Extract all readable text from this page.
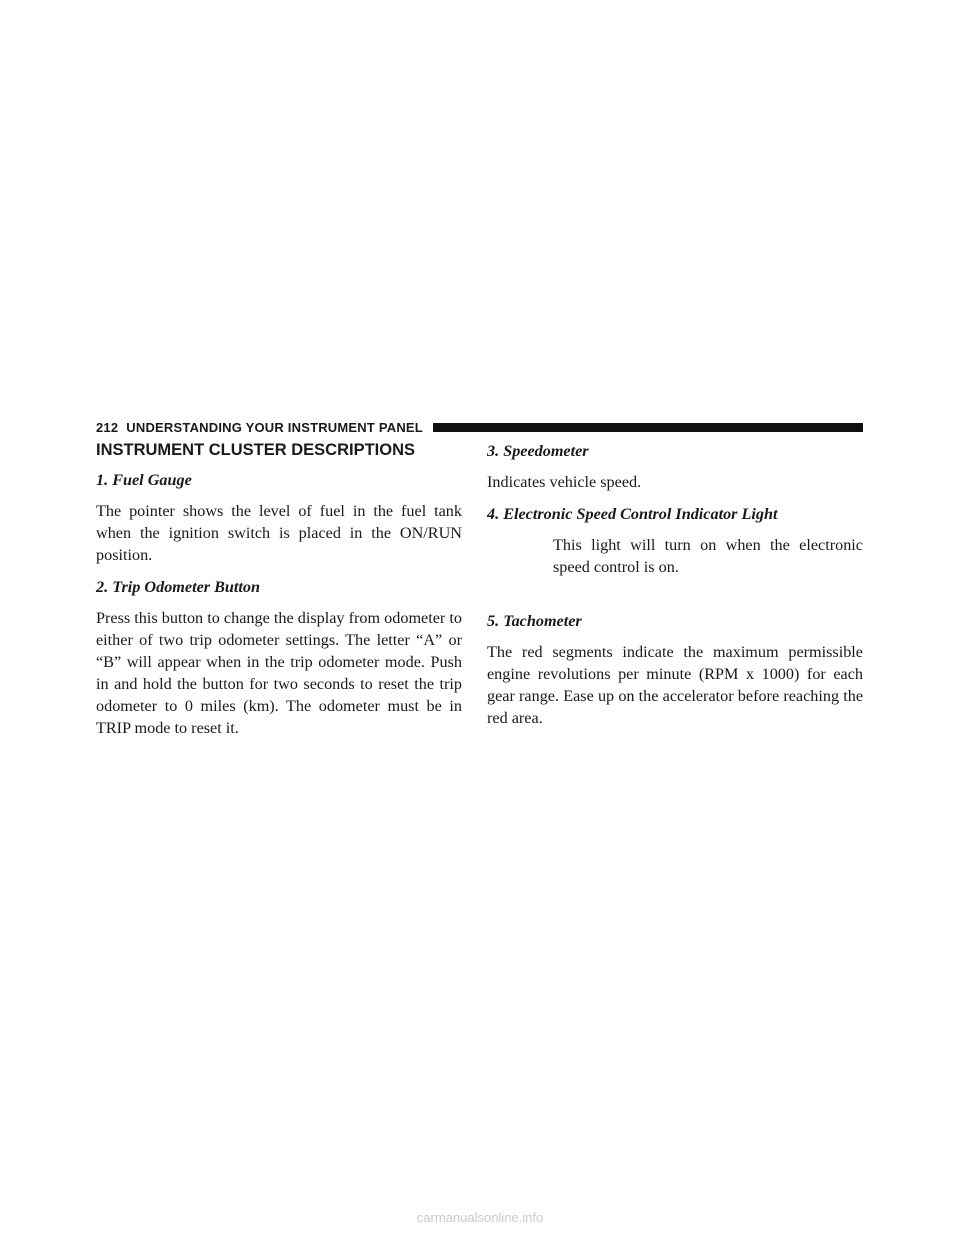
212 UNDERSTANDING YOUR INSTRUMENT PANEL
INSTRUMENT CLUSTER DESCRIPTIONS
1. Fuel Gauge

The pointer shows the level of fuel in the fuel tank when the ignition switch is placed in the ON/RUN position.

2. Trip Odometer Button

Press this button to change the display from odometer to either of two trip odometer settings. The letter “A” or “B” will appear when in the trip odometer mode. Push in and hold the button for two seconds to reset the trip odometer to 0 miles (km). The odometer must be in TRIP mode to reset it.

3. Speedometer

Indicates vehicle speed.

4. Electronic Speed Control Indicator Light

This light will turn on when the electronic speed control is on.

5. Tachometer

The red segments indicate the maximum permissible engine revolutions per minute (RPM x 1000) for each gear range. Ease up on the accelerator before reaching the red area.

carmanualsonline.info
